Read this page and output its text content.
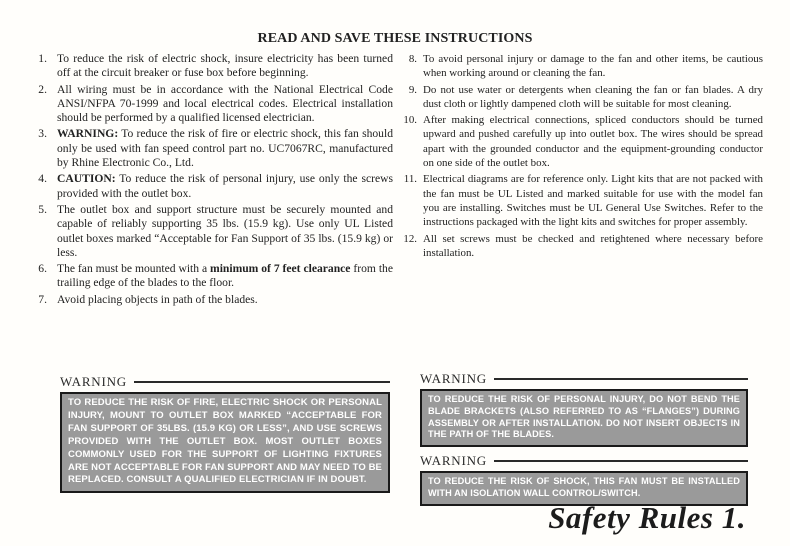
READ AND SAVE THESE INSTRUCTIONS
1. To reduce the risk of electric shock, insure electricity has been turned off at the circuit breaker or fuse box before beginning.
2. All wiring must be in accordance with the National Electrical Code ANSI/NFPA 70-1999 and local electrical codes. Electrical installation should be performed by a qualified licensed electrician.
3. WARNING: To reduce the risk of fire or electric shock, this fan should only be used with fan speed control part no. UC7067RC, manufactured by Rhine Electronic Co., Ltd.
4. CAUTION: To reduce the risk of personal injury, use only the screws provided with the outlet box.
5. The outlet box and support structure must be securely mounted and capable of reliably supporting 35 lbs. (15.9 kg). Use only UL Listed outlet boxes marked “Acceptable for Fan Support of 35 lbs. (15.9 kg) or less.
6. The fan must be mounted with a minimum of 7 feet clearance from the trailing edge of the blades to the floor.
7. Avoid placing objects in path of the blades.
8. To avoid personal injury or damage to the fan and other items, be cautious when working around or cleaning the fan.
9. Do not use water or detergents when cleaning the fan or fan blades. A dry dust cloth or lightly dampened cloth will be suitable for most cleaning.
10. After making electrical connections, spliced conductors should be turned upward and pushed carefully up into outlet box. The wires should be spread apart with the grounded conductor and the equipment-grounding conductor on one side of the outlet box.
11. Electrical diagrams are for reference only. Light kits that are not packed with the fan must be UL Listed and marked suitable for use with the model fan you are installing. Switches must be UL General Use Switches. Refer to the instructions packaged with the light kits and switches for proper assembly.
12. All set screws must be checked and retightened where necessary before installation.
WARNING
TO REDUCE THE RISK OF FIRE, ELECTRIC SHOCK OR PERSONAL INJURY, MOUNT TO OUTLET BOX MARKED “ACCEPTABLE FOR FAN SUPPORT OF 35LBS. (15.9 KG) OR LESS”, AND USE SCREWS PROVIDED WITH THE OUTLET BOX. MOST OUTLET BOXES COMMONLY USED FOR THE SUPPORT OF LIGHTING FIXTURES ARE NOT ACCEPTABLE FOR FAN SUPPORT AND MAY NEED TO BE REPLACED. CONSULT A QUALIFIED ELECTRICIAN IF IN DOUBT.
WARNING
TO REDUCE THE RISK OF PERSONAL INJURY, DO NOT BEND THE BLADE BRACKETS (ALSO REFERRED TO AS “FLANGES”) DURING ASSEMBLY OR AFTER INSTALLATION. DO NOT INSERT OBJECTS IN THE PATH OF THE BLADES.
WARNING
TO REDUCE THE RISK OF SHOCK, THIS FAN MUST BE INSTALLED WITH AN ISOLATION WALL CONTROL/SWITCH.
Safety Rules 1.
